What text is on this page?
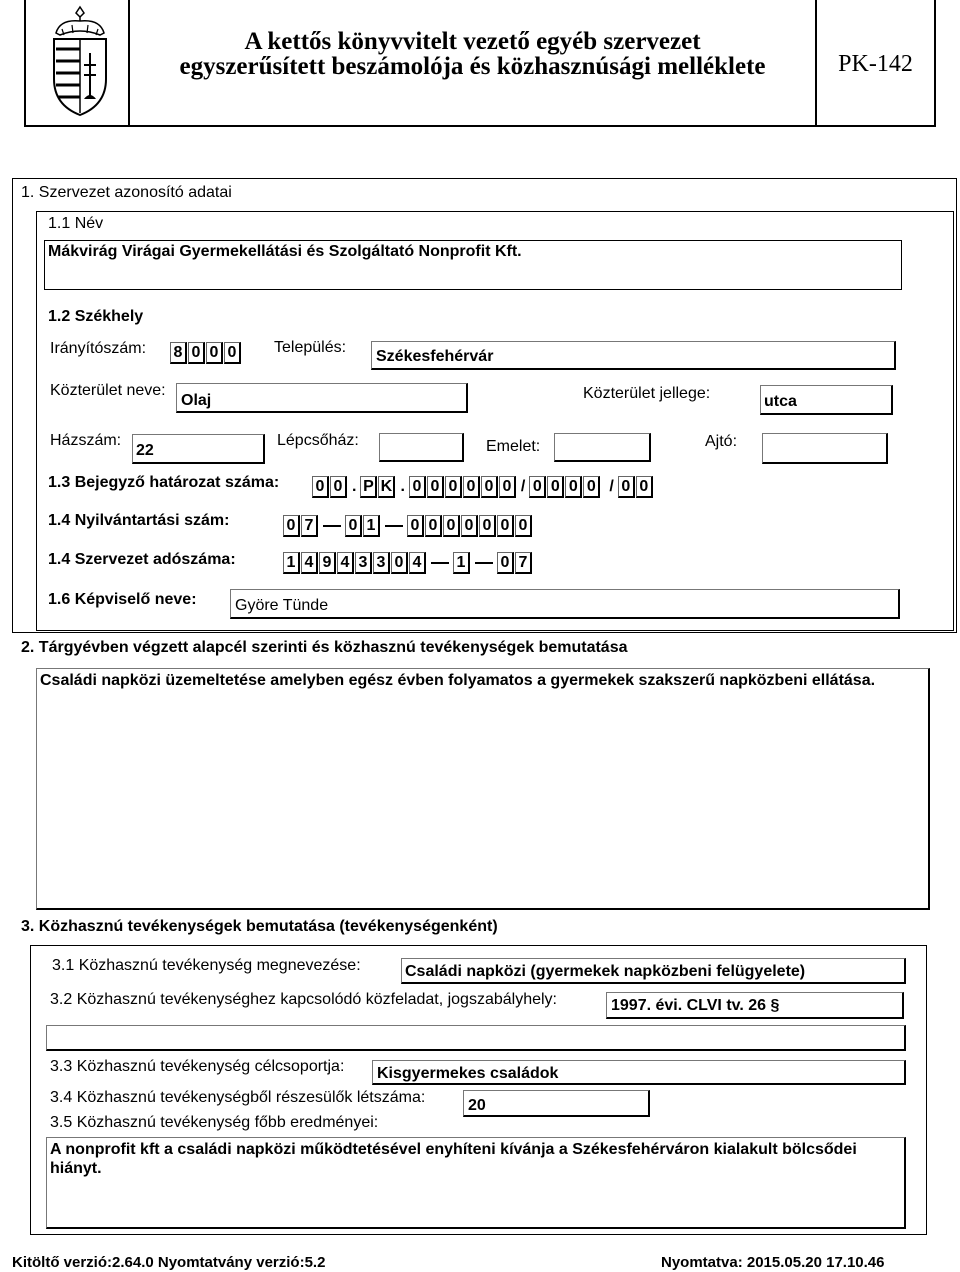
A kettős könyvvitelt vezető egyéb szervezet
egyszerűsített beszámolója és közhasznúsági melléklete	PK-142
1. Szervezet azonosító adatai
1.1 Név
Mákvirág Virágai Gyermekellátási és Szolgáltató Nonprofit Kft.
1.2 Székhely
Irányítószám: 8 0 0 0 Település:
Székesfehérvár
Közterület neve:
Olaj	Közterület jellege:	utca
Házszám:
22
Lépcsőház:	Emelet:	Ajtó:
1.3 Bejegyző határozat száma: 0 0 . P K . 0 0 0 0 0 0 / 0 0 0 0 / 0 0
1.4 Nyilvántartási szám:	0 7 0 1 0 0 0 0 0 0 0
1.4 Szervezet adószáma:	1 4 9 4 3 3 0 4 1 0 7
1.6 Képviselő neve: Györe Tünde
2. Tárgyévben végzett alapcél szerinti és közhasznú tevékenységek bemutatása
Családi napközi üzemeltetése amelyben egész évben folyamatos a gyermekek szakszerű napközbeni ellátása.
3. Közhasznú tevékenységek bemutatása (tevékenységenként)
3.1 Közhasznú tevékenység megnevezése:	Családi napközi (gyermekek napközbeni felügyelete)
3.2 Közhasznú tevékenységhez kapcsolódó közfeladat, jogszabályhely:	1997. évi. CLVI tv. 26 §
3.3 Közhasznú tevékenység célcsoportja: Kisgyermekes családok
3.4 Közhasznú tevékenységből részesülők létszáma:	20
3.5 Közhasznú tevékenység főbb eredményei:
A nonprofit kft a családi napközi működtetésével enyhíteni kívánja a Székesfehérváron kialakult bölcsődei hiányt.
Kitöltő verzió:2.64.0 Nyomtatvány verzió:5.2	Nyomtatva: 2015.05.20 17.10.46
